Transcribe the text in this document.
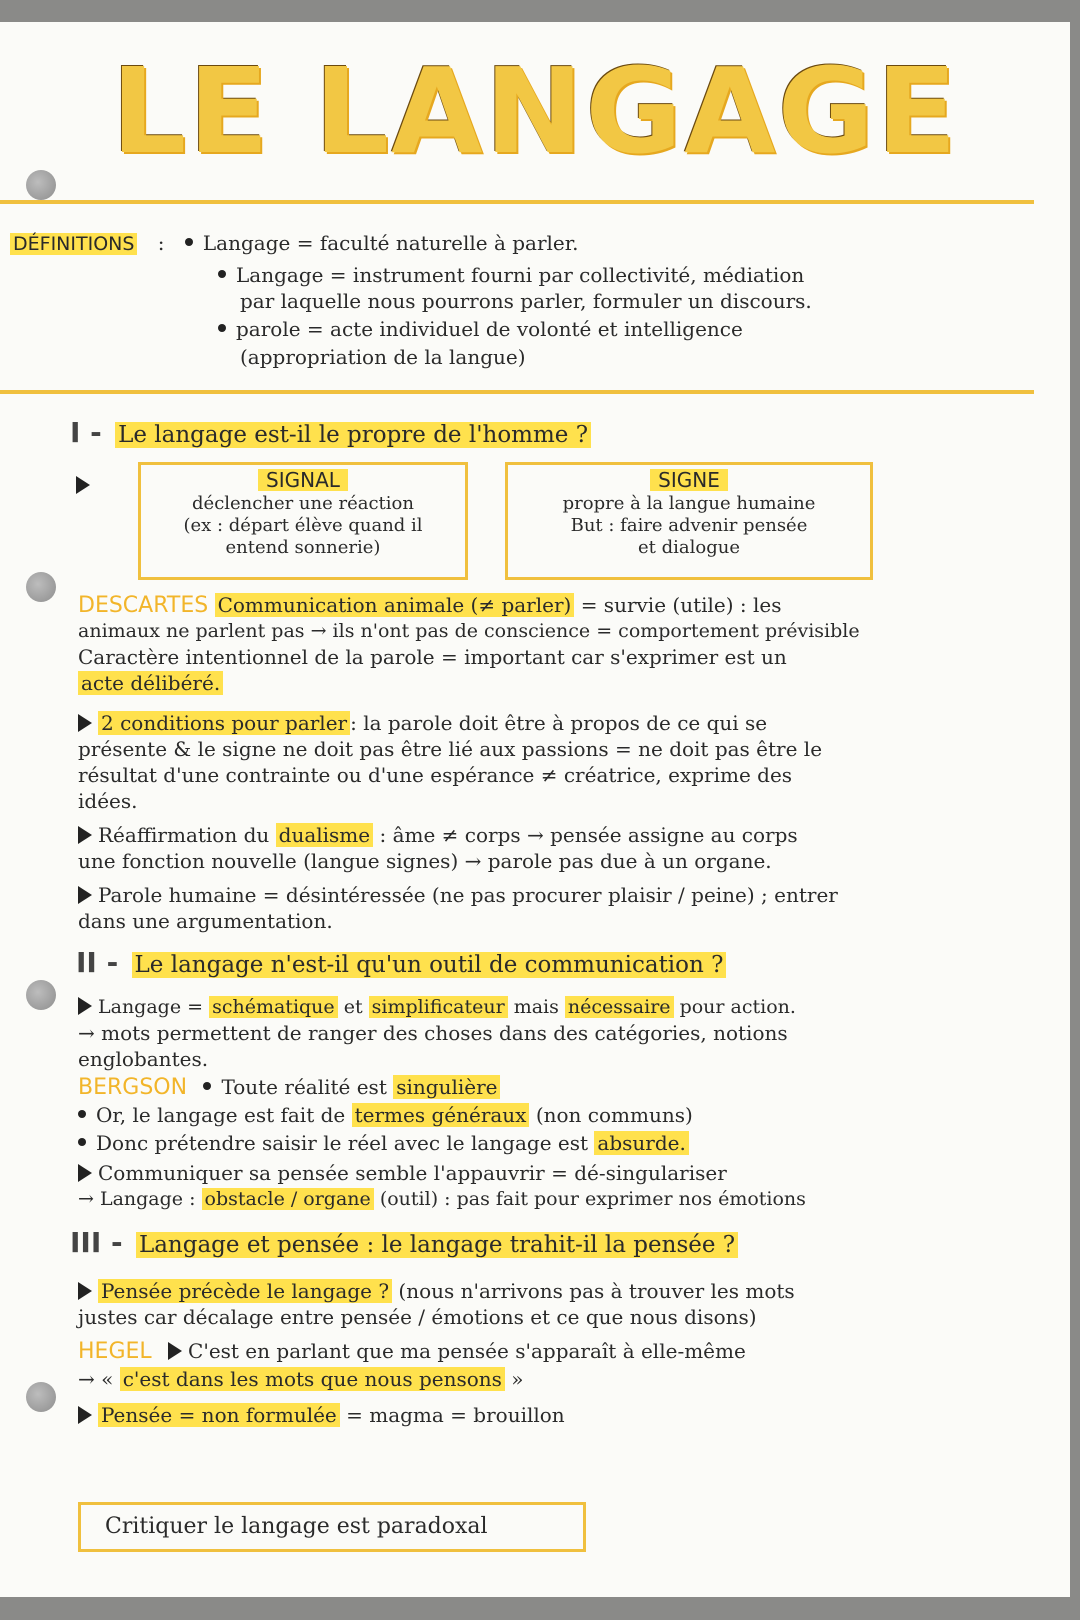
LE LANGAGE
DÉFINITIONS : Langage = faculté naturelle à parler.
Langage = instrument fourni par collectivité, médiation
par laquelle nous pourrons parler, formuler un discours.
parole = acte individuel de volonté et intelligence
(appropriation de la langue)
I - Le langage est-il le propre de l'homme ?
SIGNAL
déclencher une réaction
(ex : départ élève quand il
entend sonnerie)
SIGNE
propre à la langue humaine
But : faire advenir pensée
et dialogue
DESCARTES Communication animale (≠ parler) = survie (utile) : les
animaux ne parlent pas → ils n'ont pas de conscience = comportement prévisible
Caractère intentionnel de la parole = important car s'exprimer est un
acte délibéré.
2 conditions pour parler : la parole doit être à propos de ce qui se
présente & le signe ne doit pas être lié aux passions = ne doit pas être le
résultat d'une contrainte ou d'une espérance ≠ créatrice, exprime des
idées.
Réaffirmation du dualisme : âme ≠ corps → pensée assigne au corps
une fonction nouvelle (langue signes) → parole pas due à un organe.
Parole humaine = désintéressée (ne pas procurer plaisir / peine) ; entrer
dans une argumentation.
II - Le langage n'est-il qu'un outil de communication ?
Langage = schématique et simplificateur mais nécessaire pour action.
→ mots permettent de ranger des choses dans des catégories, notions
englobantes.
BERGSON Toute réalité est singulière
Or, le langage est fait de termes généraux (non communs)
Donc prétendre saisir le réel avec le langage est absurde.
Communiquer sa pensée semble l'appauvrir = dé-singulariser
→ Langage : obstacle / organe (outil) : pas fait pour exprimer nos émotions
III - Langage et pensée : le langage trahit-il la pensée ?
Pensée précède le langage ? (nous n'arrivons pas à trouver les mots
justes car décalage entre pensée / émotions et ce que nous disons)
HEGEL C'est en parlant que ma pensée s'apparaît à elle-même
→ « c'est dans les mots que nous pensons »
Pensée = non formulée = magma = brouillon
Critiquer le langage est paradoxal
